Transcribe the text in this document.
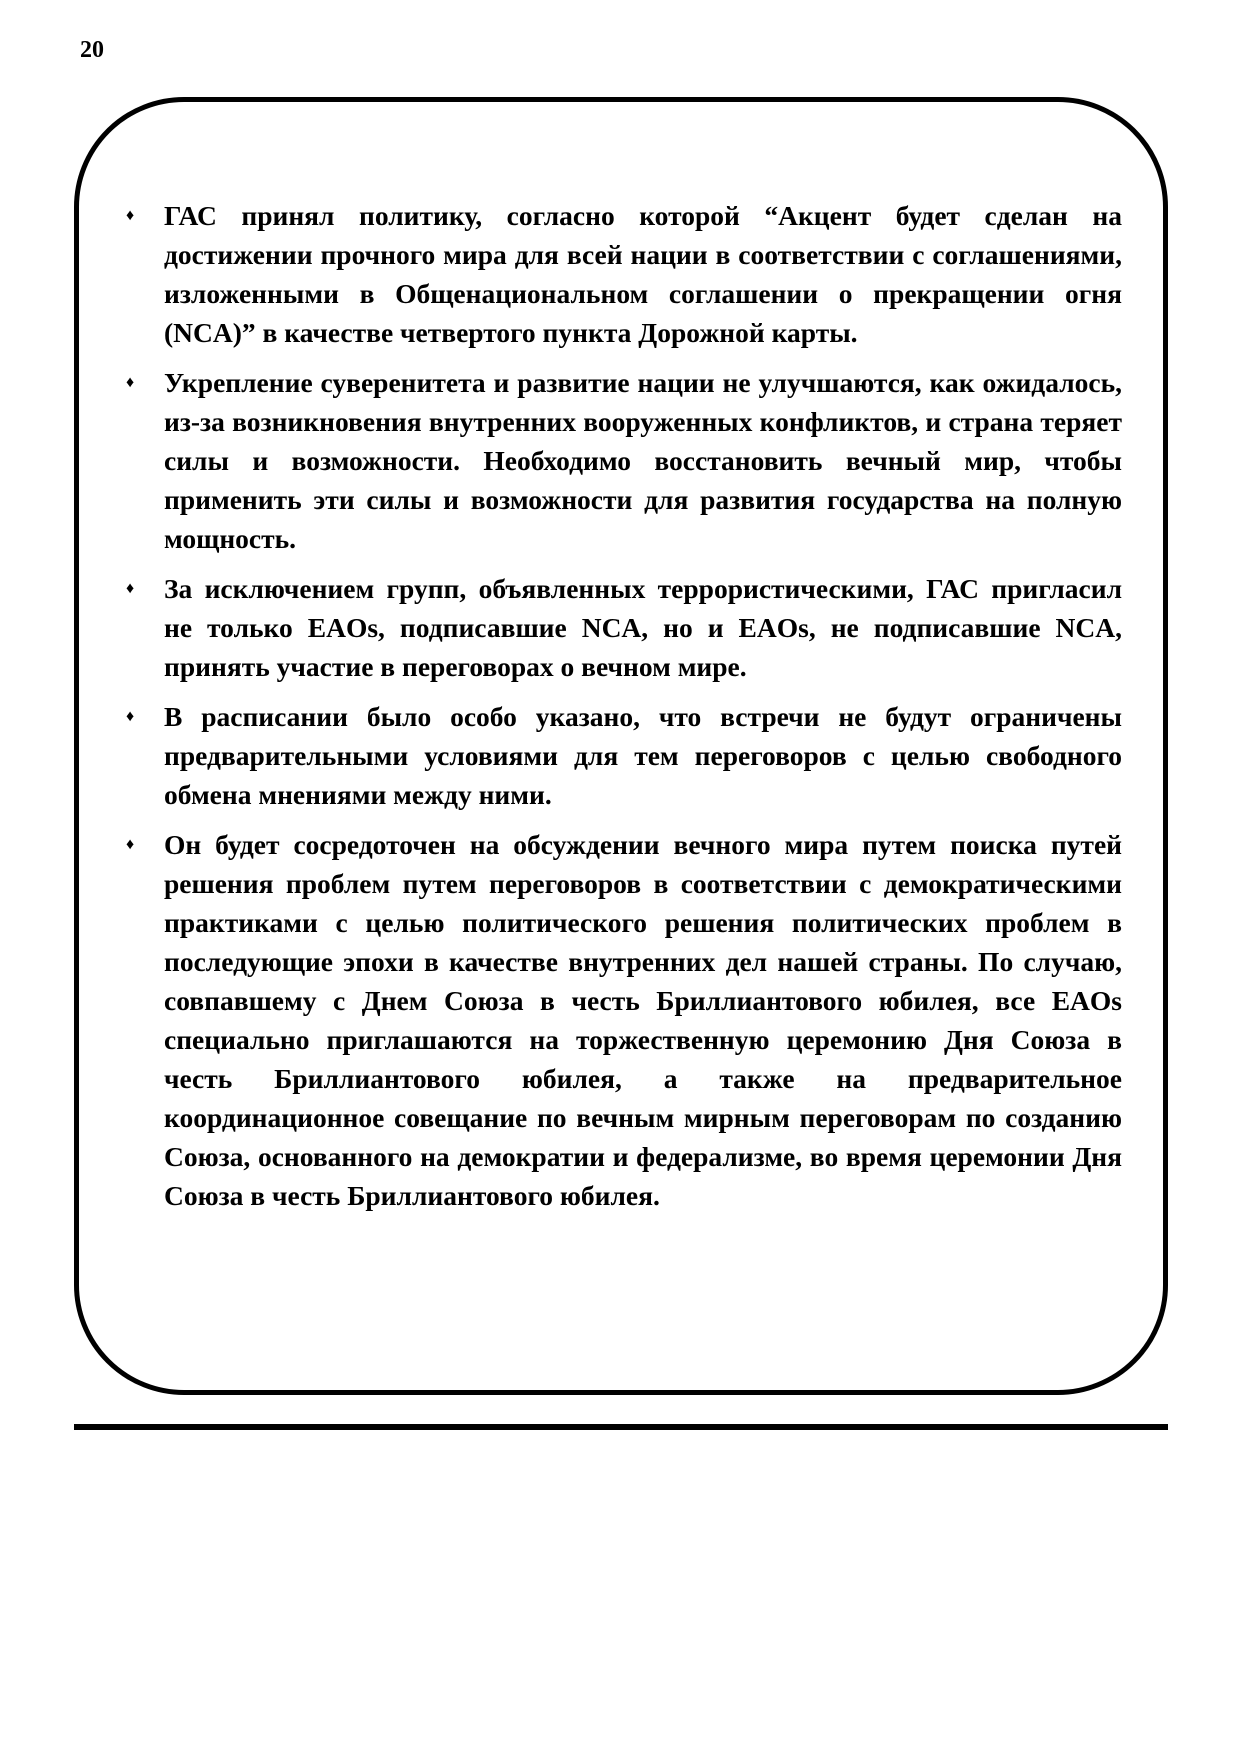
20
♦ ГАС принял политику, согласно которой “Акцент будет сделан на достижении прочного мира для всей нации в соответствии с соглашениями, изложенными в Общенациональном соглашении о прекращении огня (NCA)” в качестве четвертого пункта Дорожной карты.
♦ Укрепление суверенитета и развитие нации не улучшаются, как ожидалось, из-за возникновения внутренних вооруженных конфликтов, и страна теряет силы и возможности. Необходимо восстановить вечный мир, чтобы применить эти силы и возможности для развития государства на полную мощность.
♦ За исключением групп, объявленных террористическими, ГАС пригласил не только EAOs, подписавшие NCA, но и EAOs, не подписавшие NCA, принять участие в переговорах о вечном мире.
♦ В расписании было особо указано, что встречи не будут ограничены предварительными условиями для тем переговоров с целью свободного обмена мнениями между ними.
♦ Он будет сосредоточен на обсуждении вечного мира путем поиска путей решения проблем путем переговоров в соответствии с демократическими практиками с целью политического решения политических проблем в последующие эпохи в качестве внутренних дел нашей страны. По случаю, совпавшему с Днем Союза в честь Бриллиантового юбилея, все EAOs специально приглашаются на торжественную церемонию Дня Союза в честь Бриллиантового юбилея, а также на предварительное координационное совещание по вечным мирным переговорам по созданию Союза, основанного на демократии и федерализме, во время церемонии Дня Союза в честь Бриллиантового юбилея.
